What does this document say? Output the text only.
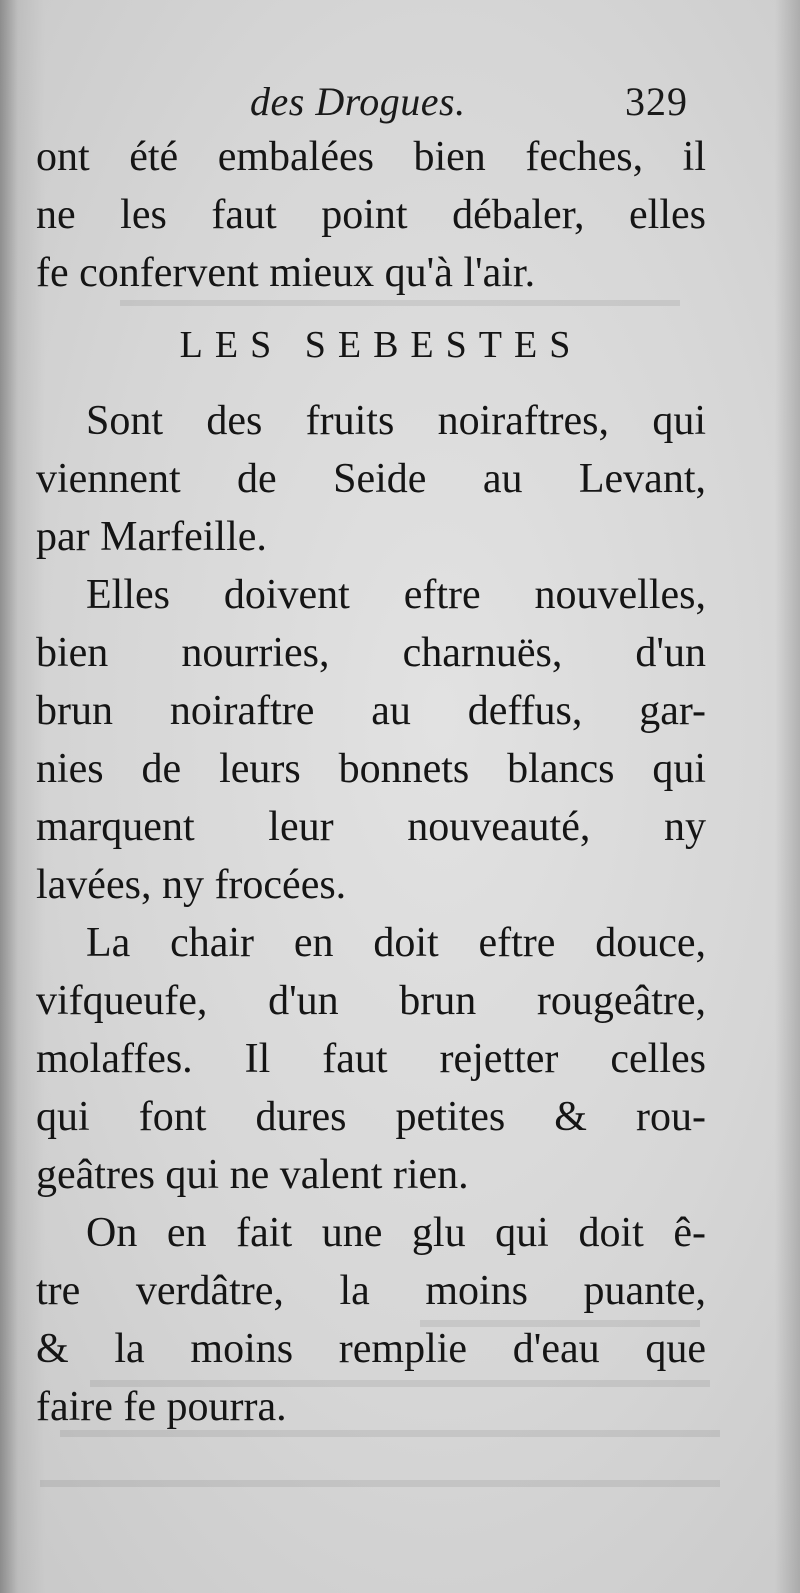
des Drogues.	329
ont été embalées bien feches, il
ne les faut point débaler, elles
fe confervent mieux qu'à l'air.
LES SEBESTES
Sont des fruits noiraftres, qui
viennent de Seide au Levant,
par Marfeille.
Elles doivent eftre nouvelles,
bien nourries, charnuës, d'un
brun noiraftre au deffus, gar-
nies de leurs bonnets blancs qui
marquent leur nouveauté, ny
lavées, ny frocées.
La chair en doit eftre douce,
vifqueufe, d'un brun rougeâtre,
molaffes. Il faut rejetter celles
qui font dures petites & rou-
geâtres qui ne valent rien.
On en fait une glu qui doit ê-
tre verdâtre, la moins puante,
& la moins remplie d'eau que
faire fe pourra.
